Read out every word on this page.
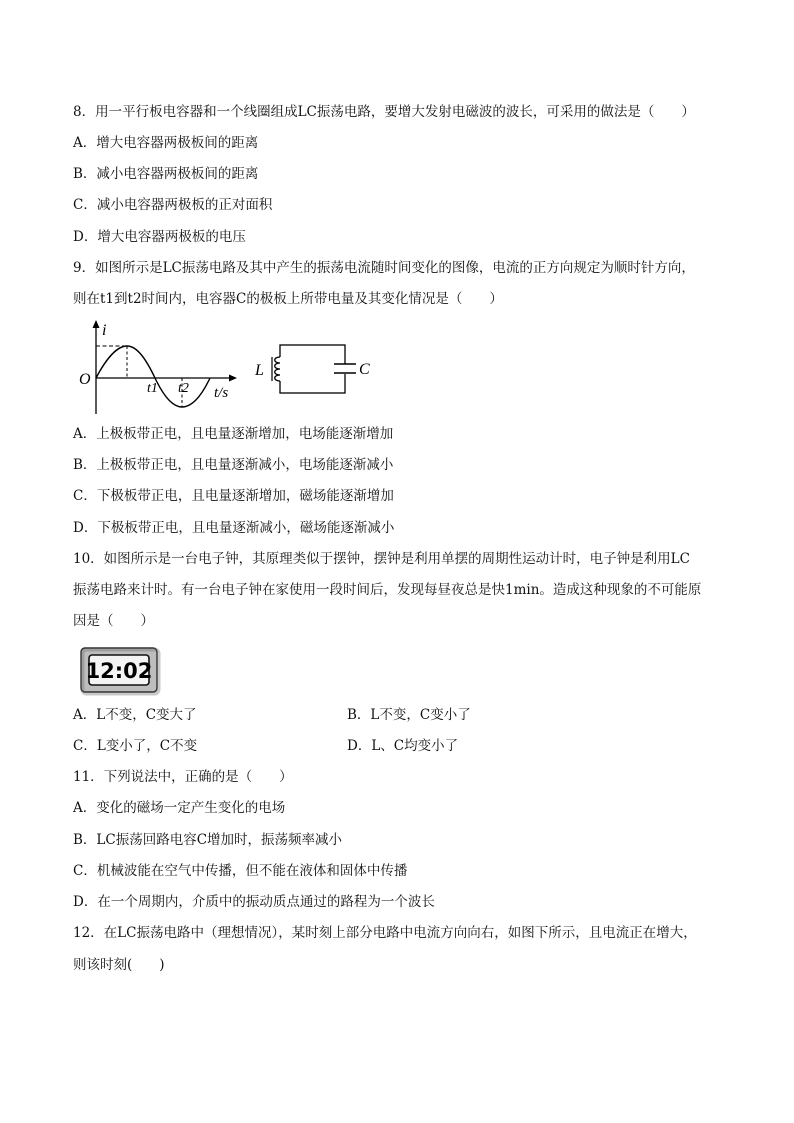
8．用一平行板电容器和一个线圈组成LC振荡电路，要增大发射电磁波的波长，可采用的做法是（　　）
A．增大电容器两极板间的距离
B．减小电容器两极板间的距离
C．减小电容器两极板的正对面积
D．增大电容器两极板的电压
9．如图所示是LC振荡电路及其中产生的振荡电流随时间变化的图像，电流的正方向规定为顺时针方向，
则在t1到t2时间内，电容器C的极板上所带电量及其变化情况是（　　）
i
O
t1 t2 t/s
L	C
A．上极板带正电，且电量逐渐增加，电场能逐渐增加
B．上极板带正电，且电量逐渐减小，电场能逐渐减小
C．下极板带正电，且电量逐渐增加，磁场能逐渐增加
D．下极板带正电，且电量逐渐减小，磁场能逐渐减小
10．如图所示是一台电子钟，其原理类似于摆钟，摆钟是利用单摆的周期性运动计时，电子钟是利用LC
振荡电路来计时。有一台电子钟在家使用一段时间后，发现每昼夜总是快1min。造成这种现象的不可能原
因是（　　）
12:02
A．L不变，C变大了	B．L不变，C变小了
C．L变小了，C不变	D．L、C均变小了
11．下列说法中，正确的是（　　）
A．变化的磁场一定产生变化的电场
B．LC振荡回路电容C增加时，振荡频率减小
C．机械波能在空气中传播，但不能在液体和固体中传播
D．在一个周期内，介质中的振动质点通过的路程为一个波长
12．在LC振荡电路中（理想情况），某时刻上部分电路中电流方向向右，如图下所示，且电流正在增大，
则该时刻(　　)
